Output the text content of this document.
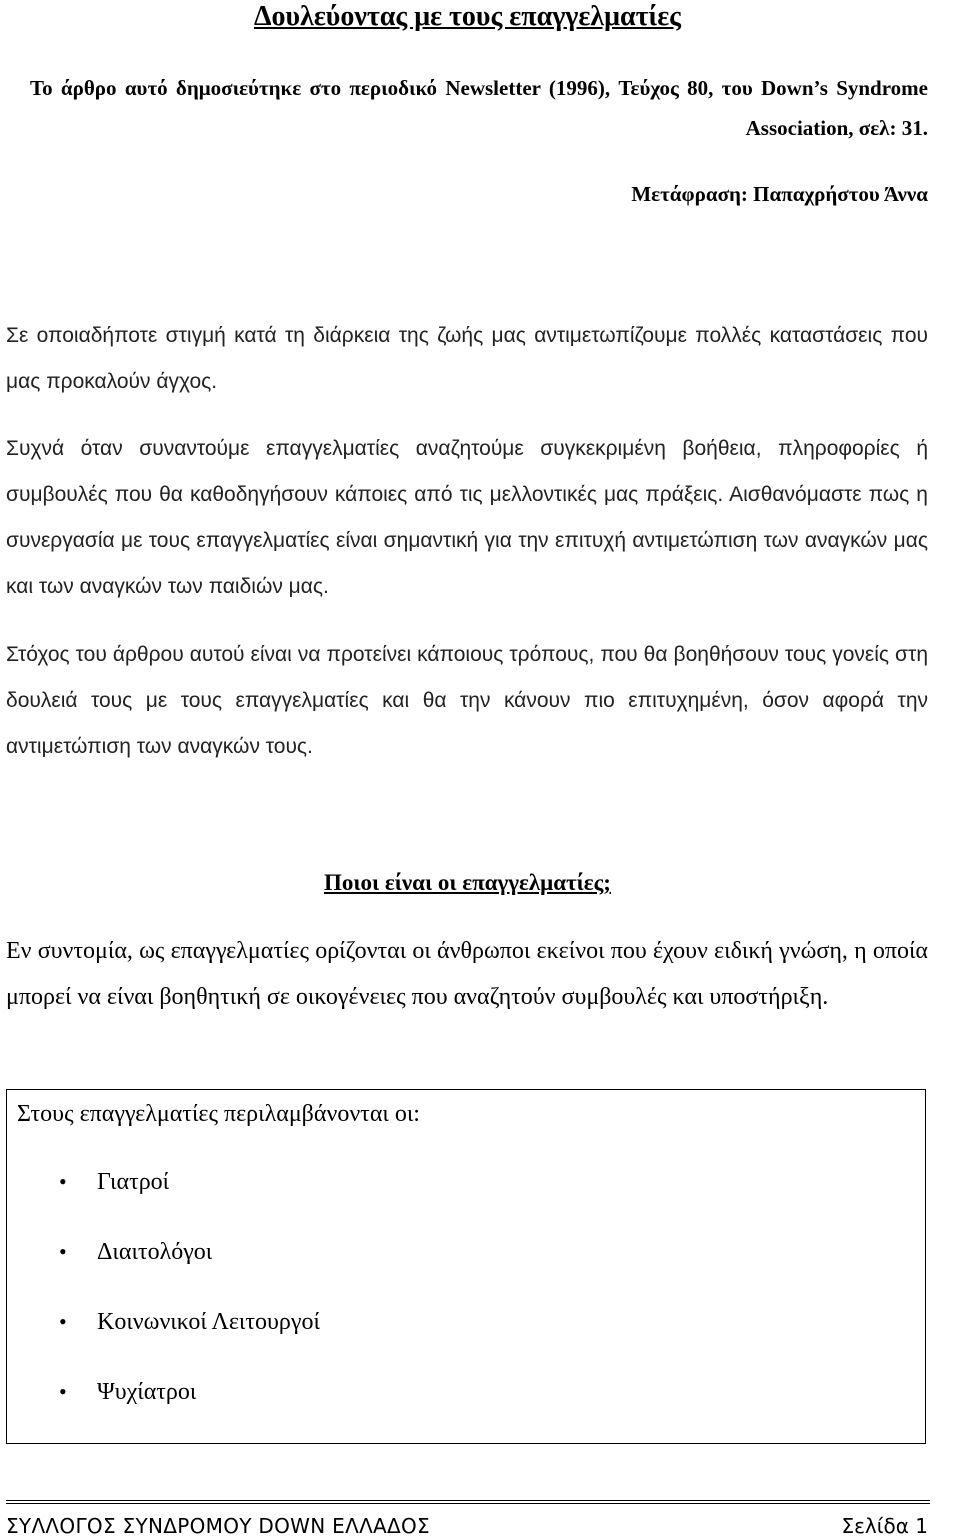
Δουλεύοντας με τους επαγγελματίες
Το άρθρο αυτό δημοσιεύτηκε στο περιοδικό Newsletter (1996), Τεύχος 80, του Down’s Syndrome Association, σελ: 31.
Μετάφραση: Παπαχρήστου Άννα
Σε οποιαδήποτε στιγμή κατά τη διάρκεια της ζωής μας αντιμετωπίζουμε πολλές καταστάσεις που μας προκαλούν άγχος.
Συχνά όταν συναντούμε επαγγελματίες αναζητούμε συγκεκριμένη βοήθεια, πληροφορίες ή συμβουλές που θα καθοδηγήσουν κάποιες από τις μελλοντικές μας πράξεις. Αισθανόμαστε πως η συνεργασία με τους επαγγελματίες είναι σημαντική για την επιτυχή αντιμετώπιση των αναγκών μας και των αναγκών των παιδιών μας.
Στόχος του άρθρου αυτού είναι να προτείνει κάποιους τρόπους, που θα βοηθήσουν τους γονείς στη δουλειά τους με τους επαγγελματίες και θα την κάνουν πιο επιτυχημένη, όσον αφορά την αντιμετώπιση των αναγκών τους.
Ποιοι είναι οι επαγγελματίες;
Εν συντομία, ως επαγγελματίες ορίζονται οι άνθρωποι εκείνοι που έχουν ειδική γνώση, η οποία μπορεί να είναι βοηθητική σε οικογένειες που αναζητούν συμβουλές και υποστήριξη.
Στους επαγγελματίες περιλαμβάνονται οι:
• Γιατροί
• Διαιτολόγοι
• Κοινωνικοί Λειτουργοί
• Ψυχίατροι
ΣΥΛΛΟΓΟΣ ΣΥΝΔΡΟΜΟΥ DOWN ΕΛΛΑΔΟΣ	Σελίδα 1
